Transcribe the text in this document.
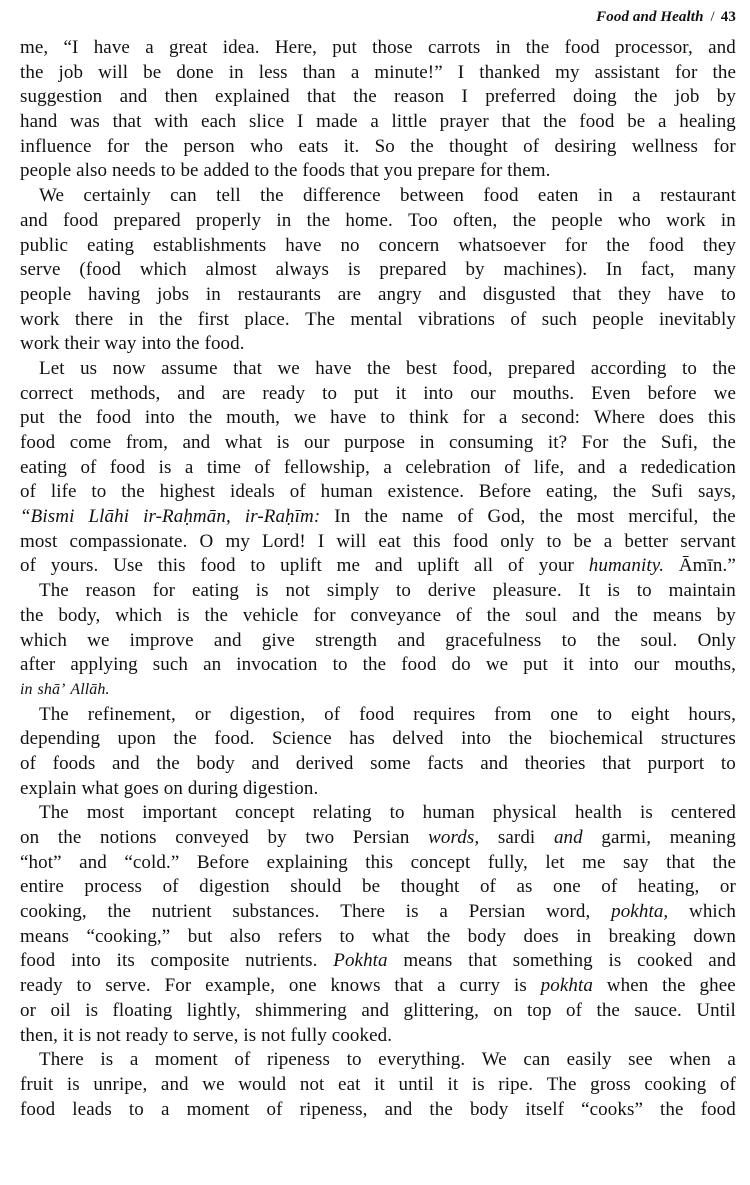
Food and Health / 43
me, “I have a great idea. Here, put those carrots in the food processor, and
the job will be done in less than a minute!” I thanked my assistant for the
suggestion and then explained that the reason I preferred doing the job by
hand was that with each slice I made a little prayer that the food be a healing
influence for the person who eats it. So the thought of desiring wellness for
people
also
needs
to
be
added
to
the
foods
that
you
prepare
for
them.
We certainly can tell the difference between food eaten in a restaurant
and food prepared properly in the home. Too often, the people who work in
public eating establishments have no concern whatsoever for the food they
serve (food which almost always is prepared by machines). In fact, many
people having jobs in restaurants are angry and disgusted that they have to
work there in the first place. The mental vibrations of such people inevitably
work
their
way
into
the
food.
Let us now assume that we have the best food, prepared according to the
correct methods, and are ready to put it into our mouths. Even before we
put the food into the mouth, we have to think for a second: Where does this
food come from, and what is our purpose in consuming it? For the Sufi, the
eating of food is a time of fellowship, a celebration of life, and a rededication
of life to the highest ideals of human existence. Before eating, the Sufi says,
“Bismi Llāhi ir-Raḥmān, ir-Raḥīm: In the name of God, the most merciful, the
most compassionate. O my Lord! I will eat this food only to be a better servant
of yours. Use this food to uplift me and uplift all of your humanity. Āmīn.”
The reason for eating is not simply to derive pleasure. It is to maintain
the body, which is the vehicle for conveyance of the soul and the means by
which we improve and give strength and gracefulness to the soul. Only
after applying such an invocation to the food do we put it into our mouths,
in
shā’
Allāh.
The refinement, or digestion, of food requires from one to eight hours,
depending upon the food. Science has delved into the biochemical structures
of foods and the body and derived some facts and theories that purport to
explain
what
goes
on
during
digestion.
The most important concept relating to human physical health is centered
on the notions conveyed by two Persian words, sardi and garmi, meaning
“hot” and “cold.” Before explaining this concept fully, let me say that the
entire process of digestion should be thought of as one of heating, or
cooking, the nutrient substances. There is a Persian word, pokhta, which
means “cooking,” but also refers to what the body does in breaking down
food into its composite nutrients. Pokhta means that something is cooked and
ready to serve. For example, one knows that a curry is pokhta when the ghee
or oil is floating lightly, shimmering and glittering, on top of the sauce. Until
then,
it
is
not
ready
to
serve,
is
not
fully
cooked.
There is a moment of ripeness to everything. We can easily see when a
fruit is unripe, and we would not eat it until it is ripe. The gross cooking of
food leads to a moment of ripeness, and the body itself “cooks” the food
